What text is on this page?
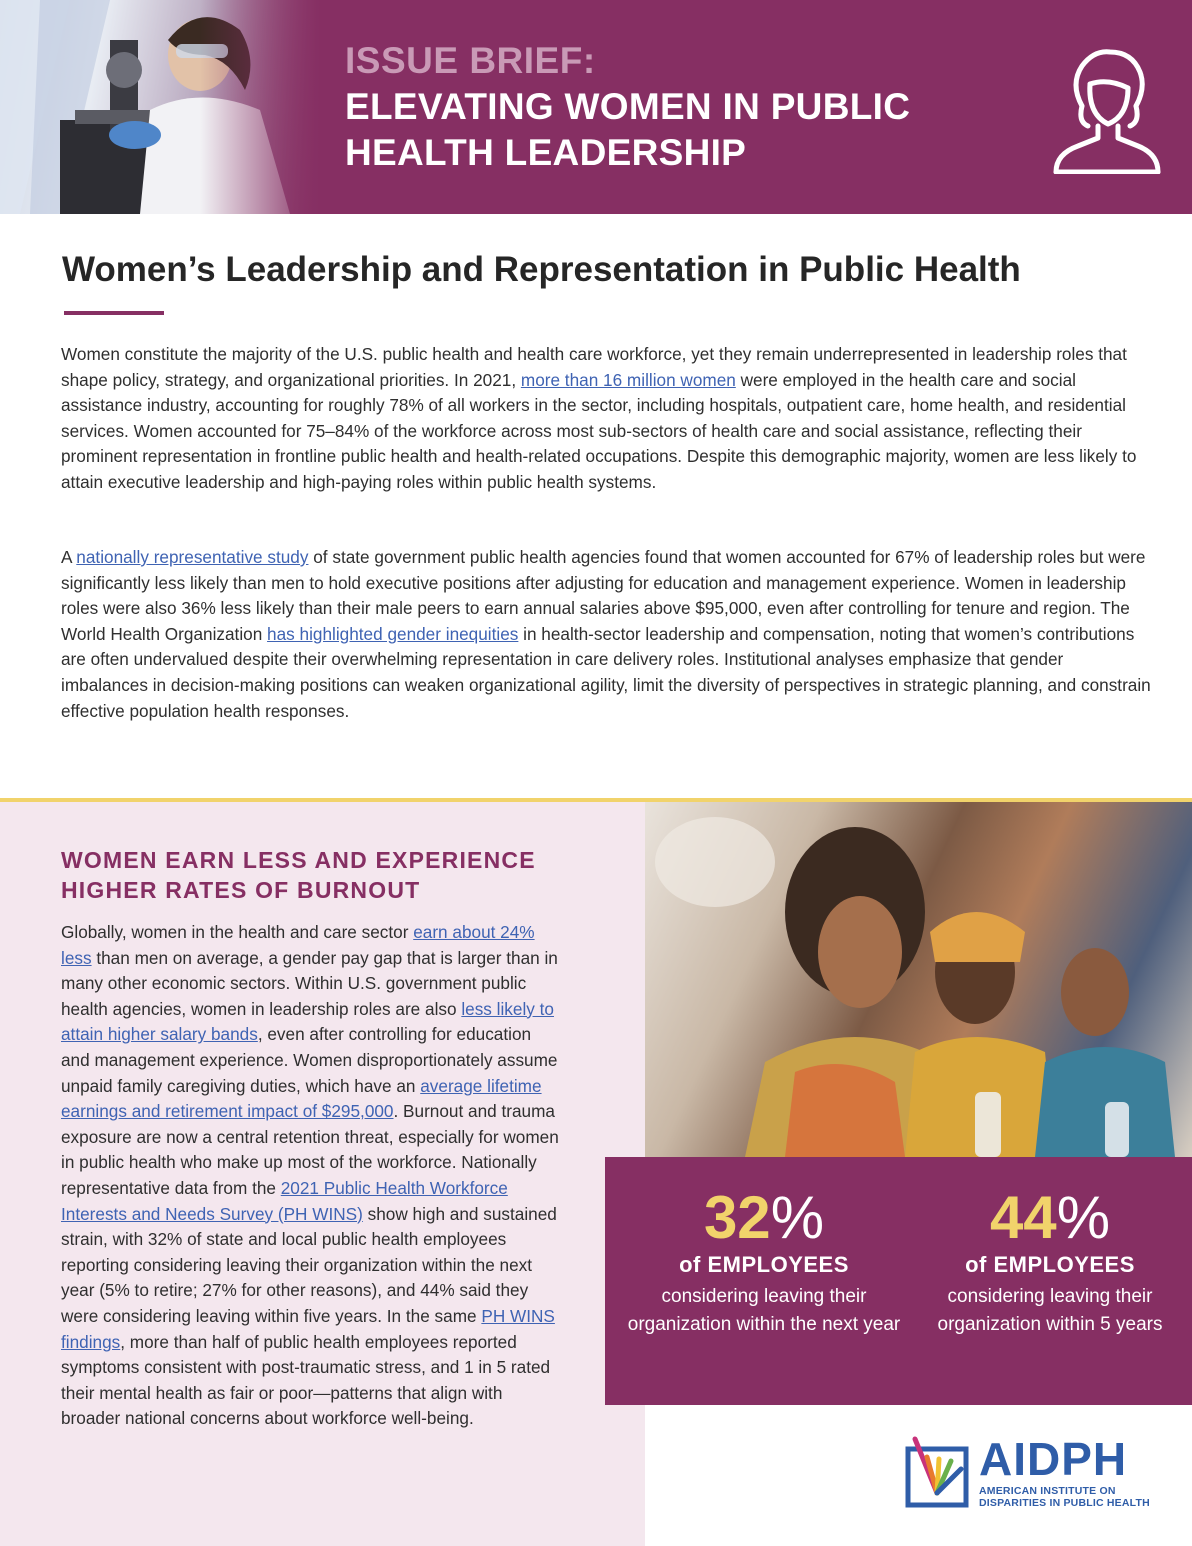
ISSUE BRIEF:
ELEVATING WOMEN IN PUBLIC HEALTH LEADERSHIP
Women’s Leadership and Representation in Public Health

Women constitute the majority of the U.S. public health and health care workforce, yet they remain underrepresented in leadership roles that shape policy, strategy, and organizational priorities. In 2021, more than 16 million women were employed in the health care and social assistance industry, accounting for roughly 78% of all workers in the sector, including hospitals, outpatient care, home health, and residential services. Women accounted for 75–84% of the workforce across most sub-sectors of health care and social assistance, reflecting their prominent representation in frontline public health and health-related occupations. Despite this demographic majority, women are less likely to attain executive leadership and high-paying roles within public health systems.

A nationally representative study of state government public health agencies found that women accounted for 67% of leadership roles but were significantly less likely than men to hold executive positions after adjusting for education and management experience. Women in leadership roles were also 36% less likely than their male peers to earn annual salaries above $95,000, even after controlling for tenure and region. The World Health Organization has highlighted gender inequities in health-sector leadership and compensation, noting that women’s contributions are often undervalued despite their overwhelming representation in care delivery roles. Institutional analyses emphasize that gender imbalances in decision-making positions can weaken organizational agility, limit the diversity of perspectives in strategic planning, and constrain effective population health responses.

WOMEN EARN LESS AND EXPERIENCE HIGHER RATES OF BURNOUT

Globally, women in the health and care sector earn about 24% less than men on average, a gender pay gap that is larger than in many other economic sectors. Within U.S. government public health agencies, women in leadership roles are also less likely to attain higher salary bands, even after controlling for education and management experience. Women disproportionately assume unpaid family caregiving duties, which have an average lifetime earnings and retirement impact of $295,000. Burnout and trauma exposure are now a central retention threat, especially for women in public health who make up most of the workforce. Nationally representative data from the 2021 Public Health Workforce Interests and Needs Survey (PH WINS) show high and sustained strain, with 32% of state and local public health employees reporting considering leaving their organization within the next year (5% to retire; 27% for other reasons), and 44% said they were considering leaving within five years. In the same PH WINS findings, more than half of public health employees reported symptoms consistent with post-traumatic stress, and 1 in 5 rated their mental health as fair or poor—patterns that align with broader national concerns about workforce well-being.

32%
of EMPLOYEES
considering leaving their organization within the next year
44%
of EMPLOYEES
considering leaving their organization within 5 years
AIDPH
AMERICAN INSTITUTE ON
DISPARITIES IN PUBLIC HEALTH
